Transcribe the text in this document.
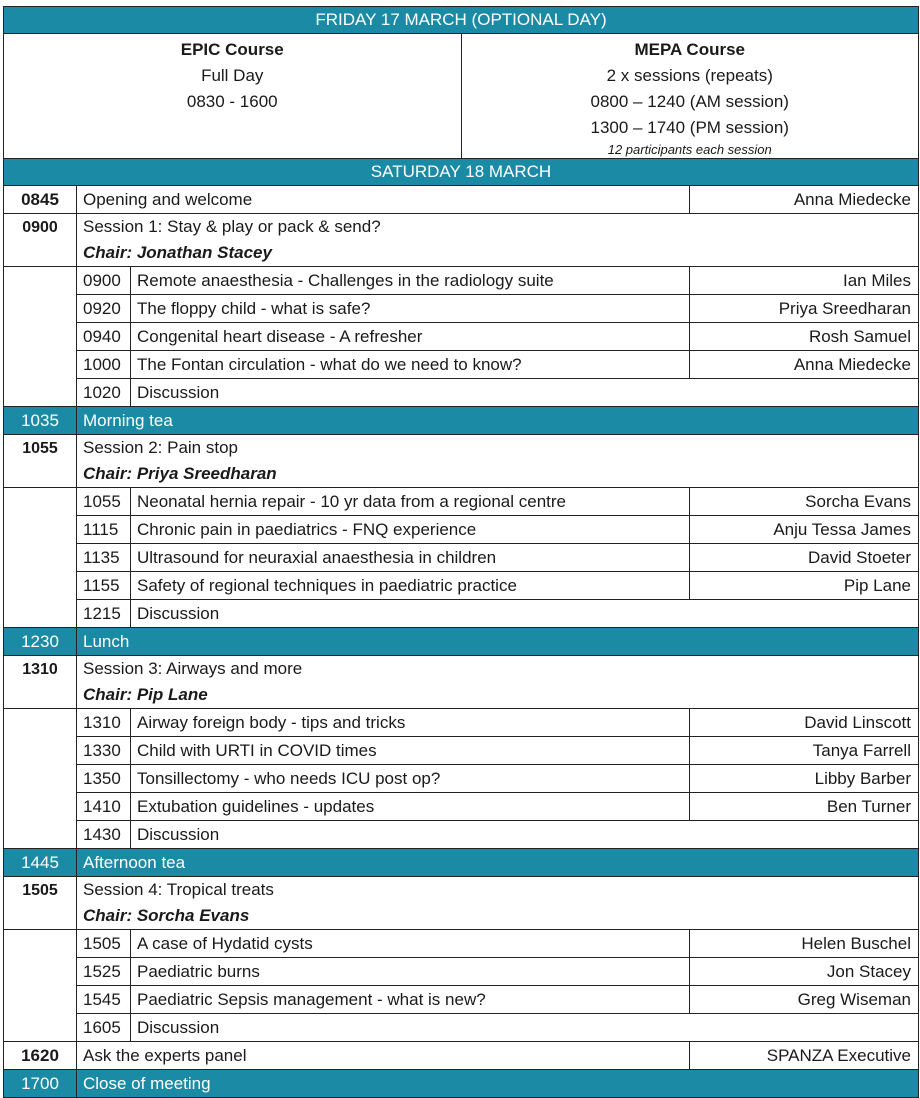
FRIDAY 17 MARCH (OPTIONAL DAY)
EPIC Course
Full Day
0830 - 1600
MEPA Course
2 x sessions (repeats)
0800 – 1240 (AM session)
1300 – 1740 (PM session)
12 participants each session
SATURDAY 18 MARCH
0845	Opening and welcome	Anna Miedecke
0900	Session 1: Stay & play or pack & send?
Chair: Jonathan Stacey
0900 Remote anaesthesia - Challenges in the radiology suite	Ian Miles
0920 The floppy child - what is safe?	Priya Sreedharan
0940 Congenital heart disease - A refresher	Rosh Samuel
1000 The Fontan circulation - what do we need to know?	Anna Miedecke
1020 Discussion
1035	Morning tea
1055	Session 2: Pain stop
Chair: Priya Sreedharan
1055 Neonatal hernia repair - 10 yr data from a regional centre	Sorcha Evans
1115	Chronic pain in paediatrics - FNQ experience	Anju Tessa James
1135	Ultrasound for neuraxial anaesthesia in children	David Stoeter
1155	Safety of regional techniques in paediatric practice	Pip Lane
1215 Discussion
1230	Lunch
1310	Session 3: Airways and more
Chair: Pip Lane
1310 Airway foreign body - tips and tricks	David Linscott
1330 Child with URTI in COVID times	Tanya Farrell
1350 Tonsillectomy - who needs ICU post op?	Libby Barber
1410 Extubation guidelines - updates	Ben Turner
1430 Discussion
1445	Afternoon tea
1505	Session 4: Tropical treats
Chair: Sorcha Evans
1505 A case of Hydatid cysts	Helen Buschel
1525 Paediatric burns	Jon Stacey
1545 Paediatric Sepsis management - what is new?	Greg Wiseman
1605 Discussion
1620	Ask the experts panel	SPANZA Executive
1700	Close of meeting
